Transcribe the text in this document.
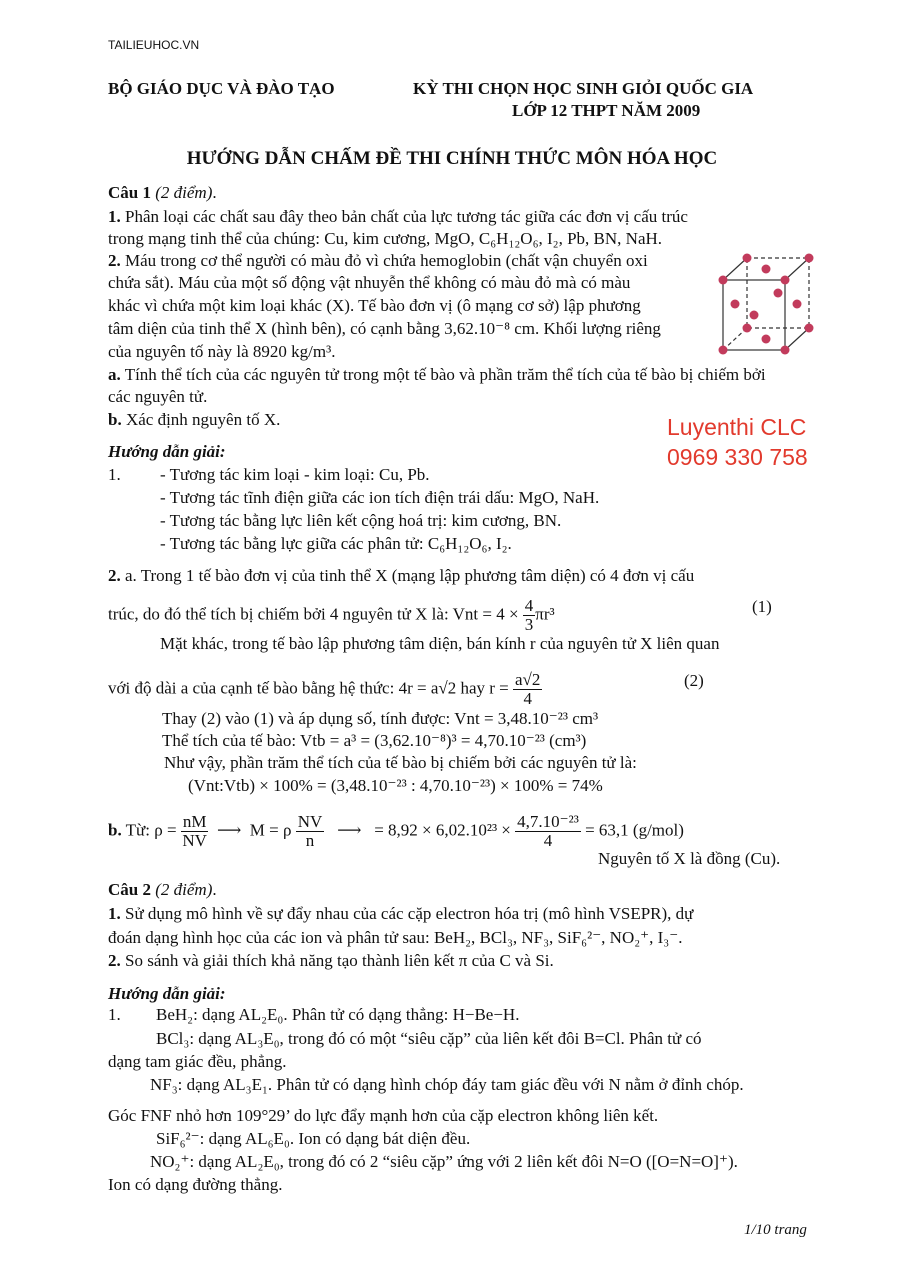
TAILIEUHOC.VN
BỘ GIÁO DỤC VÀ ĐÀO TẠO	KỲ THI CHỌN HỌC SINH GIỎI QUỐC GIA
LỚP 12 THPT NĂM 2009
HƯỚNG DẪN CHẤM ĐỀ THI CHÍNH THỨC MÔN HÓA HỌC
Câu 1 (2 điểm).
1. Phân loại các chất sau đây theo bản chất của lực tương tác giữa các đơn vị cấu trúc
trong mạng tinh thể của chúng: Cu, kim cương, MgO, C₆H₁₂O₆, I₂, Pb, BN, NaH.
2. Máu trong cơ thể người có màu đỏ vì chứa hemoglobin (chất vận chuyển oxi
chứa sắt). Máu của một số động vật nhuyễn thể không có màu đỏ mà có màu
khác vì chứa một kim loại khác (X). Tế bào đơn vị (ô mạng cơ sở) lập phương
tâm diện của tinh thể X (hình bên), có cạnh bằng 3,62.10⁻⁸ cm. Khối lượng riêng
của nguyên tố này là 8920 kg/m³.
a. Tính thể tích của các nguyên tử trong một tế bào và phần trăm thể tích của tế bào bị chiếm bởi
các nguyên tử.
b. Xác định nguyên tố X.	Luyenthi CLC
0969 330 758
Hướng dẫn giải:
1. - Tương tác kim loại - kim loại: Cu, Pb.
- Tương tác tĩnh điện giữa các ion tích điện trái dấu: MgO, NaH.
- Tương tác bằng lực liên kết cộng hoá trị: kim cương, BN.
- Tương tác bằng lực giữa các phân tử: C₆H₁₂O₆, I₂.
2. a. Trong 1 tế bào đơn vị của tinh thể X (mạng lập phương tâm diện) có 4 đơn vị cấu
trúc, do đó thể tích bị chiếm bởi 4 nguyên tử X là: Vnt = $4 \times \frac{4}{3} \pi r^3$	(1)
Mặt khác, trong tế bào lập phương tâm diện, bán kính r của nguyên tử X liên quan
với độ dài a của cạnh tế bào bằng hệ thức: 4r = a√2 hay $r = \frac{a√2}{4}$	(2)
Thay (2) vào (1) và áp dụng số, tính được: Vnt = 3,48.10⁻²³ cm³
Thể tích của tế bào: Vtb = a³ = (3,62.10⁻⁸)³ = 4,70.10⁻²³ (cm³)
Như vậy, phần trăm thể tích của tế bào bị chiếm bởi các nguyên tử là:
(Vnt:Vtb) × 100% = (3,48.10⁻²³ : 4,70.10⁻²³) × 100% = 74%
b. Từ: $\rho = \frac{nM}{NV}$ ⟶  M = ρ $\frac{NV}{n}$ ⟶   = $8,92 \times 6,02.10^{23} \times \frac{\text{4,7.10⁻²³}}{4} = 63,1$ (g/mol)
Nguyên tố X là đồng (Cu).
Câu 2 (2 điểm).
1. Sử dụng mô hình về sự đẩy nhau của các cặp electron hóa trị (mô hình VSEPR), dự
đoán dạng hình học của các ion và phân tử sau: BeH₂, BCl₃, NF₃, SiF₆²⁻, NO₂⁺, I₃⁻.
2. So sánh và giải thích khả năng tạo thành liên kết π của C và Si.
Hướng dẫn giải:
1. BeH₂: dạng AL₂E₀. Phân tử có dạng thẳng: H−Be−H.
BCl₃: dạng AL₃E₀, trong đó có một “siêu cặp” của liên kết đôi B=Cl. Phân tử có
dạng tam giác đều, phẳng.
NF₃: dạng AL₃E₁. Phân tử có dạng hình chóp đáy tam giác đều với N nằm ở đỉnh chóp.
Góc FNF nhỏ hơn 109°29’ do lực đẩy mạnh hơn của cặp electron không liên kết.
SiF₆²⁻: dạng AL₆E₀. Ion có dạng bát diện đều.
NO₂⁺: dạng AL₂E₀, trong đó có 2 “siêu cặp” ứng với 2 liên kết đôi N=O ([O=N=O]⁺).
Ion có dạng đường thẳng.
1/10 trang
